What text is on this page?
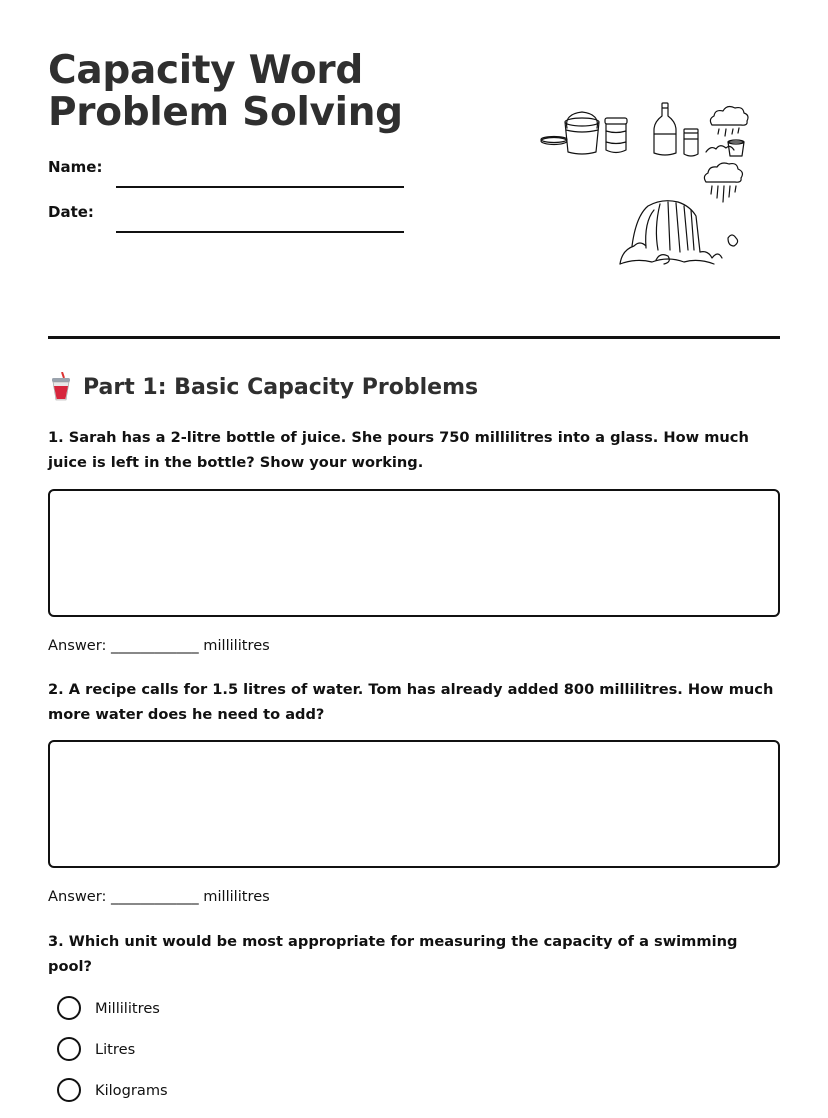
Capacity Word Problem Solving
Name:
Date:
Part 1: Basic Capacity Problems

1. Sarah has a 2-litre bottle of juice. She pours 750 millilitres into a glass. How much juice is left in the bottle? Show your working.

Answer: ____________ millilitres

2. A recipe calls for 1.5 litres of water. Tom has already added 800 millilitres. How much more water does he need to add?

Answer: ____________ millilitres

3. Which unit would be most appropriate for measuring the capacity of a swimming pool?

Millilitres
Litres
Kilograms
